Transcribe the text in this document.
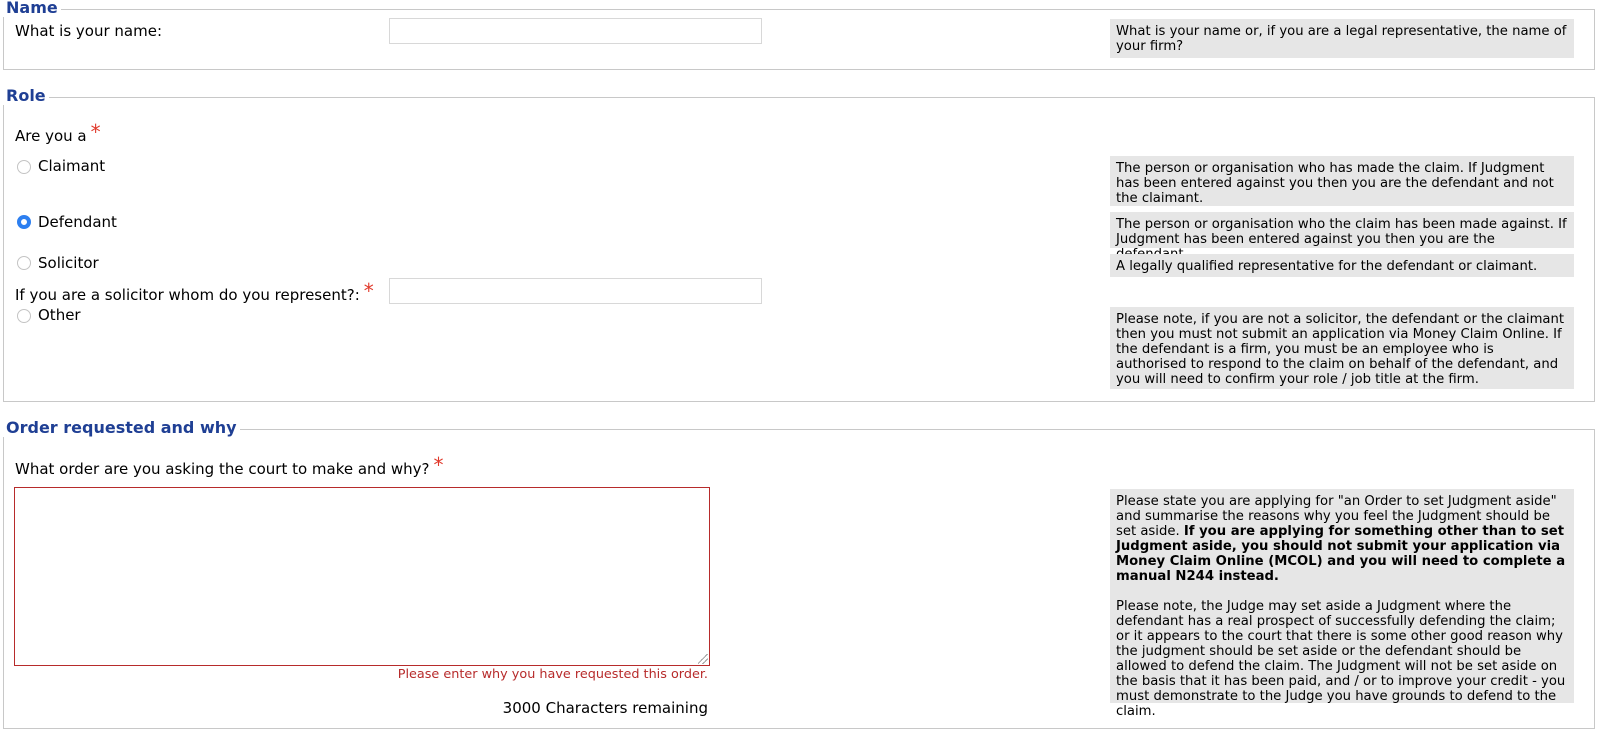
Name
What is your name:	What is your name or, if you are a legal representative, the name of your firm?
Role
Are you a *
Claimant	The person or organisation who has made the claim. If Judgment has been entered against you then you are the defendant and not the claimant.
Defendant	The person or organisation who the claim has been made against. If Judgment has been entered against you then you are the
Solicitor	A legally qualified representative for the defendant or claimant.
If you are a solicitor whom do you represent?: *
Other	Please note, if you are not a solicitor, the defendant or the claimant then you must not submit an application via Money Claim Online. If the defendant is a firm, you must be an employee who is authorised to respond to the claim on behalf of the defendant, and you will need to confirm your role / job title at the firm.
Order requested and why
What order are you asking the court to make and why? *
Please enter why you have requested this order.
3000 Characters remaining

Please state you are applying for "an Order to set Judgment aside" and summarise the reasons why you feel the Judgment should be set aside. If you are applying for something other than to set Judgment aside, you should not submit your application via Money Claim Online (MCOL) and you will need to complete a manual N244 instead.

Please note, the Judge may set aside a Judgment where the defendant has a real prospect of successfully defending the claim; or it appears to the court that there is some other good reason why the judgment should be set aside or the defendant should be allowed to defend the claim. The Judgment will not be set aside on the basis that it has been paid, and / or to improve your credit - you must demonstrate to the Judge you have grounds to defend to the claim.
